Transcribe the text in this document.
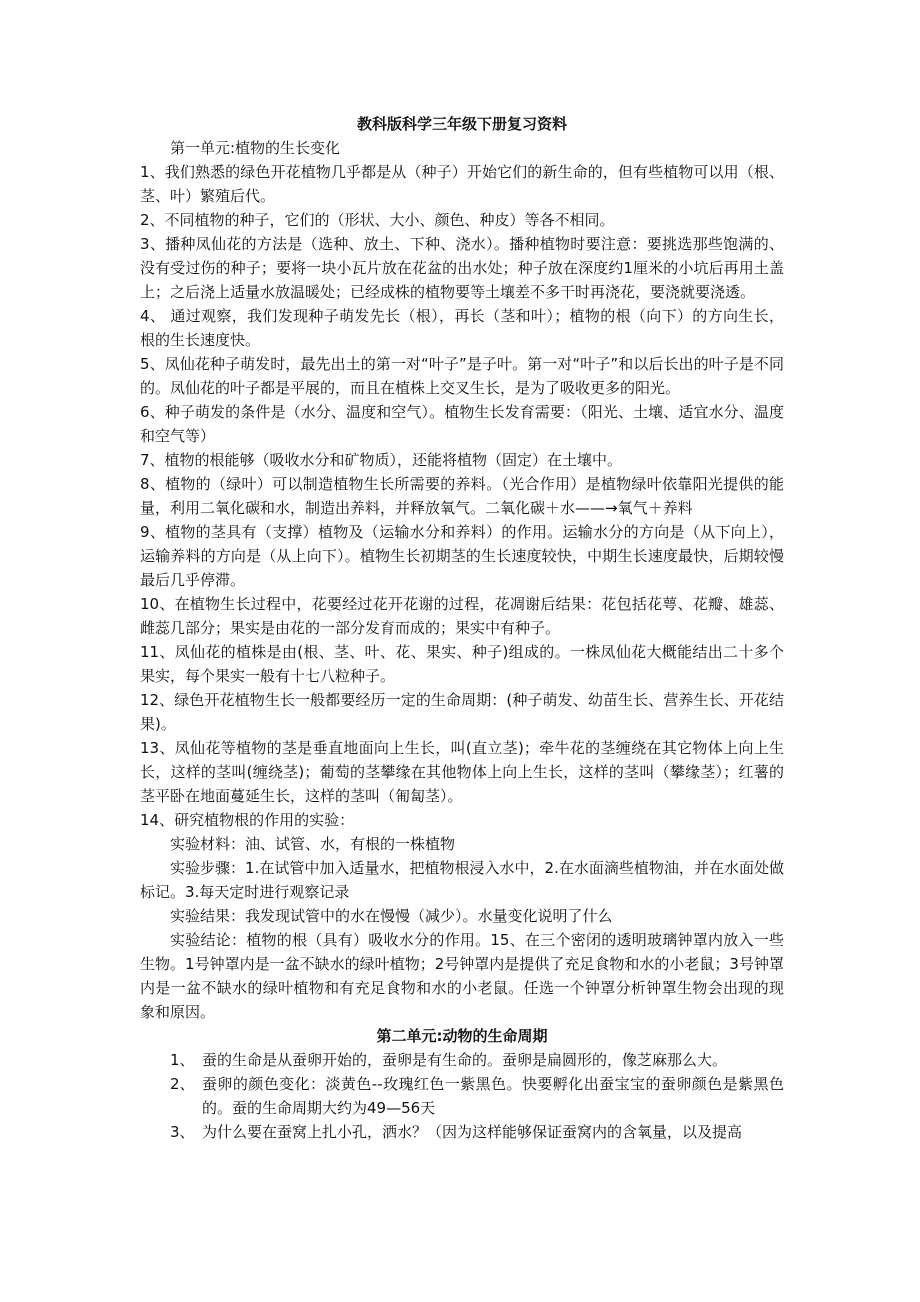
教科版科学三年级下册复习资料

第一单元:植物的生长变化

1、我们熟悉的绿色开花植物几乎都是从（种子）开始它们的新生命的，但有些植物可以用（根、茎、叶）繁殖后代。

2、不同植物的种子，它们的（形状、大小、颜色、种皮）等各不相同。

3、播种凤仙花的方法是（选种、放土、下种、浇水）。播种植物时要注意：要挑选那些饱满的、没有受过伤的种子；要将一块小瓦片放在花盆的出水处；种子放在深度约1厘米的小坑后再用土盖上；之后浇上适量水放温暖处；已经成株的植物要等土壤差不多干时再浇花，要浇就要浇透。

4、 通过观察，我们发现种子萌发先长（根），再长（茎和叶）；植物的根（向下）的方向生长，根的生长速度快。

5、凤仙花种子萌发时，最先出土的第一对“叶子”是子叶。第一对“叶子”和以后长出的叶子是不同的。凤仙花的叶子都是平展的，而且在植株上交叉生长，是为了吸收更多的阳光。

6、种子萌发的条件是（水分、温度和空气）。植物生长发育需要：（阳光、土壤、适宜水分、温度和空气等）

7、植物的根能够（吸收水分和矿物质），还能将植物（固定）在土壤中。

8、植物的（绿叶）可以制造植物生长所需要的养料。（光合作用）是植物绿叶依靠阳光提供的能量，利用二氧化碳和水，制造出养料，并释放氧气。二氧化碳＋水——→氧气＋养料

9、植物的茎具有（支撑）植物及（运输水分和养料）的作用。运输水分的方向是（从下向上），运输养料的方向是（从上向下）。植物生长初期茎的生长速度较快，中期生长速度最快，后期较慢最后几乎停滞。

10、在植物生长过程中，花要经过花开花谢的过程，花凋谢后结果：花包括花萼、花瓣、雄蕊、雌蕊几部分；果实是由花的一部分发育而成的；果实中有种子。

11、凤仙花的植株是由(根、茎、叶、花、果实、种子)组成的。一株凤仙花大概能结出二十多个果实，每个果实一般有十七八粒种子。

12、绿色开花植物生长一般都要经历一定的生命周期：(种子萌发、幼苗生长、营养生长、开花结果)。

13、凤仙花等植物的茎是垂直地面向上生长，叫(直立茎)；牵牛花的茎缠绕在其它物体上向上生长，这样的茎叫(缠绕茎)；葡萄的茎攀缘在其他物体上向上生长，这样的茎叫（攀缘茎）；红薯的茎平卧在地面蔓延生长，这样的茎叫（匍匐茎）。

14、研究植物根的作用的实验：

实验材料：油、试管、水，有根的一株植物

实验步骤：1.在试管中加入适量水，把植物根浸入水中，2.在水面滴些植物油，并在水面处做标记。3.每天定时进行观察记录

实验结果：我发现试管中的水在慢慢（减少）。水量变化说明了什么

实验结论：植物的根（具有）吸收水分的作用。15、在三个密闭的透明玻璃钟罩内放入一些生物。1号钟罩内是一盆不缺水的绿叶植物；2号钟罩内是提供了充足食物和水的小老鼠；3号钟罩内是一盆不缺水的绿叶植物和有充足食物和水的小老鼠。任选一个钟罩分析钟罩生物会出现的现象和原因。

第二单元:动物的生命周期

1、 蚕的生命是从蚕卵开始的，蚕卵是有生命的。蚕卵是扁圆形的，像芝麻那么大。
2、 蚕卵的颜色变化：淡黄色--玫瑰红色一紫黑色。快要孵化出蚕宝宝的蚕卵颜色是紫黑色的。蚕的生命周期大约为49—56天
3、 为什么要在蚕窝上扎小孔，洒水？（因为这样能够保证蚕窝内的含氧量，以及提高
